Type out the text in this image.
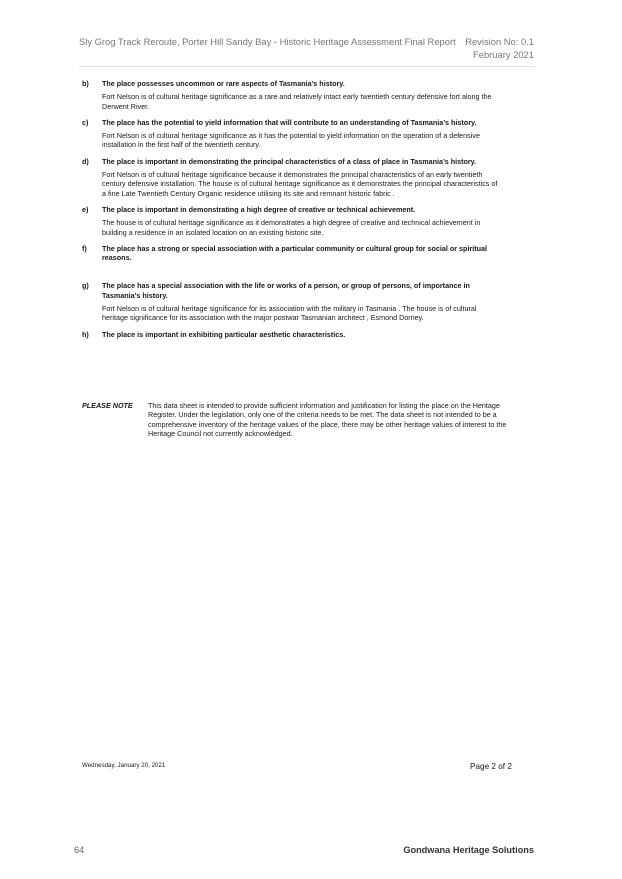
Sly Grog Track Reroute, Porter Hill Sandy Bay - Historic Heritage Assessment Final Report Revision No: 0.1
February 2021
b) The place possesses uncommon or rare aspects of Tasmania’s history.
Fort Nelson is of cultural heritage significance as a rare and relatively intact early twentieth century defensive fort along the Derwent River.
c) The place has the potential to yield information that will contribute to an understanding of Tasmania’s history.
Fort Nelson is of cultural heritage significance as it has the potential to yield information on the operation of a defensive installation in the first half of the twentieth century.
d) The place is important in demonstrating the principal characteristics of a class of place in Tasmania’s history.
Fort Nelson is of cultural heritage significance because it demonstrates the principal characteristics of an early twentieth century defensive installation. The house is of cultural heritage significance as it demonstrates the principal characteristics of a fine Late Twentieth Century Organic residence utilising its site and remnant historic fabric .
e) The place is important in demonstrating a high degree of creative or technical achievement.
The house is of cultural heritage significance as it demonstrates a high degree of creative and technical achievement in building a residence in an isolated location on an existing historic site.
f) The place has a strong or special association with a particular community or cultural group for social or spiritual reasons.
g) The place has a special association with the life or works of a person, or group of persons, of importance in Tasmania’s history.
Fort Nelson is of cultural heritage significance for its association with the military in Tasmania . The house is of cultural heritage significance for its association with the major postwar Tasmanian architect , Esmond Dorney.
h) The place is important in exhibiting particular aesthetic characteristics.
PLEASE NOTE This data sheet is intended to provide sufficient information and justification for listing the place on the Heritage Register. Under the legislation, only one of the criteria needs to be met. The data sheet is not intended to be a comprehensive inventory of the heritage values of the place, there may be other heritage values of interest to the Heritage Council not currently acknowledged.
Wednesday, January 20, 2021	Page 2 of 2
64	Gondwana Heritage Solutions
